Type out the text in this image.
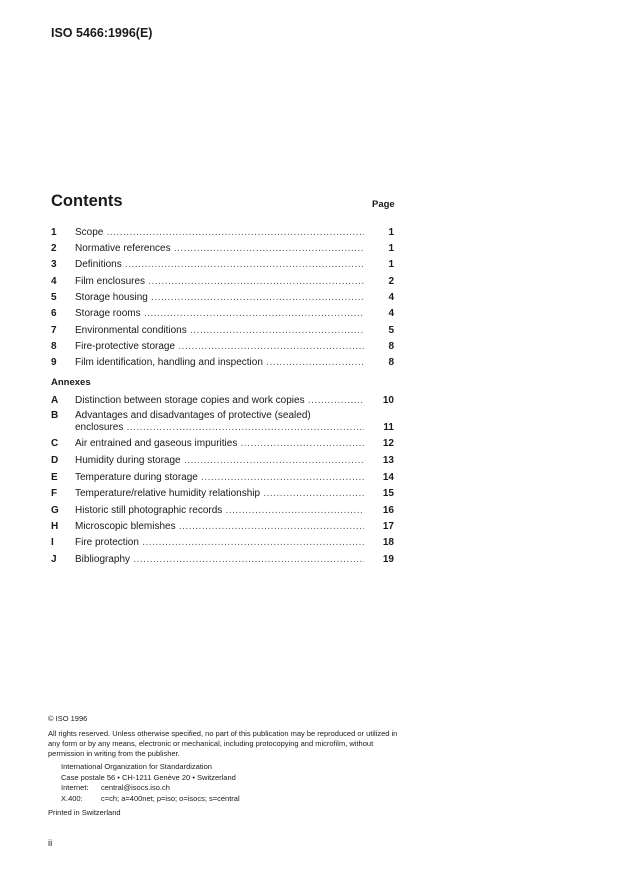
ISO 5466:1996(E)
Contents	Page
1 Scope .....	1
2 Normative references .....	1
3 Definitions .....	1
4 Film enclosures .....	2
5 Storage housing .....	4
6 Storage rooms .....	4
7 Environmental conditions .....	5
8 Fire-protective storage .....	8
9 Film identification, handling and inspection .....	8
Annexes
A Distinction between storage copies and work copies .....	10
B Advantages and disadvantages of protective (sealed)
enclosures .....	11
C Air entrained and gaseous impurities .....	12
D Humidity during storage .....	13
E Temperature during storage .....	14
F Temperature/relative humidity relationship .....	15
G Historic still photographic records .....	16
H Microscopic blemishes .....	17
I Fire protection .....	18
J Bibliography .....	19
© ISO 1996
All rights reserved. Unless otherwise specified, no part of this publication may be reproduced or utilized in any form or by any means, electronic or mechanical, including protocopying and microfilm, without permission in writing from the publisher.
International Organization for Standardization
Case postale 56 • CH-1211 Genève 20 • Switzerland
Internet:	central@isocs.iso.ch
X.400:	c=ch; a=400net; p=iso; o=isocs; s=central
Printed in Switzerland
ii
